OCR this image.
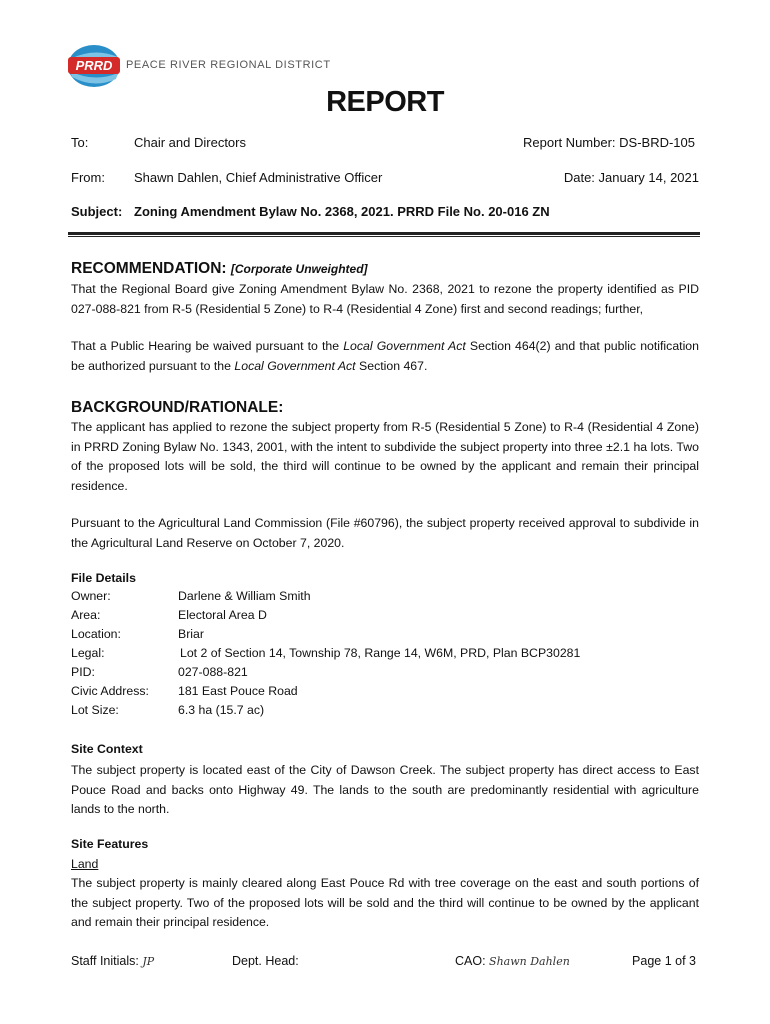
PRRD PEACE RIVER REGIONAL DISTRICT
REPORT
To:	Chair and Directors	Report Number: DS-BRD-105
From: Shawn Dahlen, Chief Administrative Officer	Date: January 14, 2021
Subject: Zoning Amendment Bylaw No. 2368, 2021. PRRD File No. 20-016 ZN
RECOMMENDATION: [Corporate Unweighted]
That the Regional Board give Zoning Amendment Bylaw No. 2368, 2021 to rezone the property identified as PID 027-088-821 from R-5 (Residential 5 Zone) to R-4 (Residential 4 Zone) first and second readings; further,
That a Public Hearing be waived pursuant to the Local Government Act Section 464(2) and that public notification be authorized pursuant to the Local Government Act Section 467.
BACKGROUND/RATIONALE:
The applicant has applied to rezone the subject property from R-5 (Residential 5 Zone) to R-4 (Residential 4 Zone) in PRRD Zoning Bylaw No. 1343, 2001, with the intent to subdivide the subject property into three ±2.1 ha lots. Two of the proposed lots will be sold, the third will continue to be owned by the applicant and remain their principal residence.
Pursuant to the Agricultural Land Commission (File #60796), the subject property received approval to subdivide in the Agricultural Land Reserve on October 7, 2020.
File Details
Owner:	Darlene & William Smith
Area:	Electoral Area D
Location:	Briar
Legal:	Lot 2 of Section 14, Township 78, Range 14, W6M, PRD, Plan BCP30281
PID:	027-088-821
Civic Address:	181 East Pouce Road
Lot Size:	6.3 ha (15.7 ac)
Site Context
The subject property is located east of the City of Dawson Creek. The subject property has direct access to East Pouce Road and backs onto Highway 49. The lands to the south are predominantly residential with agriculture lands to the north.
Site Features
Land
The subject property is mainly cleared along East Pouce Rd with tree coverage on the east and south portions of the subject property. Two of the proposed lots will be sold and the third will continue to be owned by the applicant and remain their principal residence.
Staff Initials: JP	Dept. Head:	CAO: Shawn Dahlen	Page 1 of 3
